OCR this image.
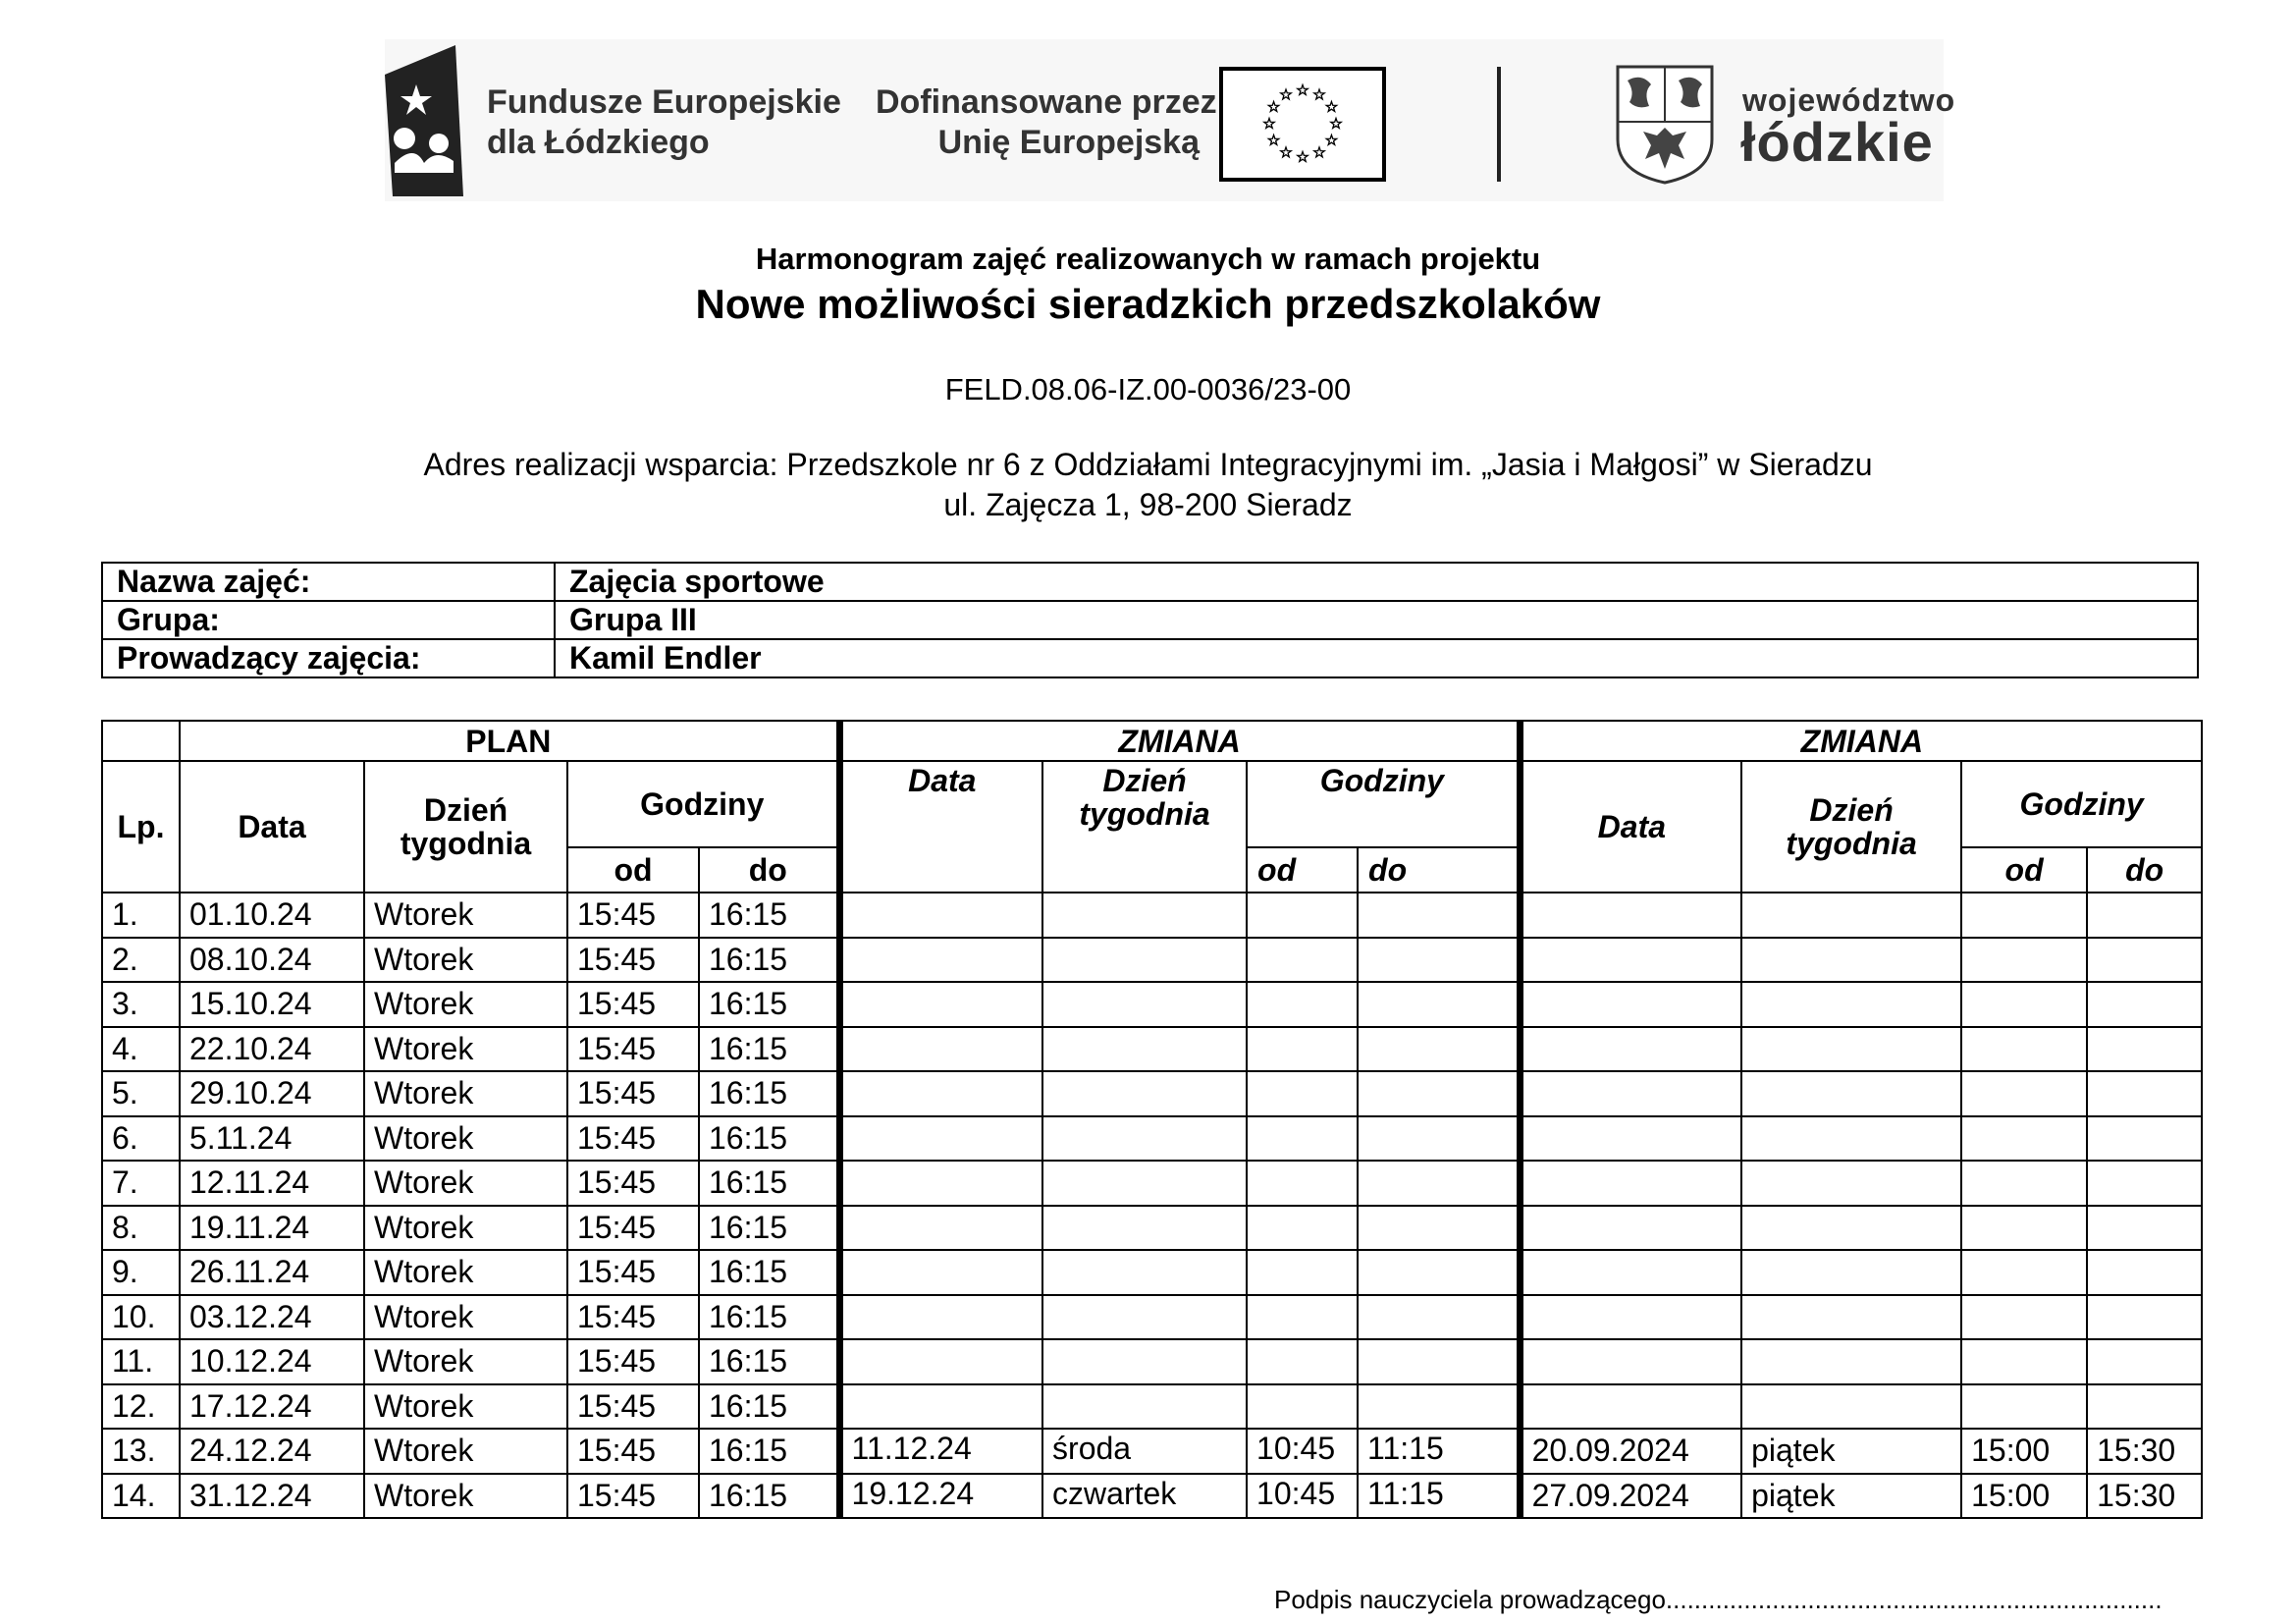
Fundusze Europejskie
dla Łódzkiego
Dofinansowane przez
Unię Europejską
województwo
łódzkie
Harmonogram zajęć realizowanych w ramach projektu
Nowe możliwości sieradzkich przedszkolaków
FELD.08.06-IZ.00-0036/23-00
Adres realizacji wsparcia: Przedszkole nr 6 z Oddziałami Integracyjnymi im. „Jasia i Małgosi” w Sieradzu
ul. Zajęcza 1, 98-200 Sieradz
Nazwa zajęć:	Zajęcia sportowe
Grupa:	Grupa III
Prowadzący zajęcia:	Kamil Endler
	PLAN				ZMIANA				ZMIANA			
Lp.	Data	Dzień tygodnia	Godziny		Data	Dzień tygodnia	Godziny		Data	Dzień tygodnia	Godziny	
			od	do			od	do			od	do
1.	01.10.24	Wtorek	15:45	16:15								
2.	08.10.24	Wtorek	15:45	16:15								
3.	15.10.24	Wtorek	15:45	16:15								
4.	22.10.24	Wtorek	15:45	16:15								
5.	29.10.24	Wtorek	15:45	16:15								
6.	5.11.24	Wtorek	15:45	16:15								
7.	12.11.24	Wtorek	15:45	16:15								
8.	19.11.24	Wtorek	15:45	16:15								
9.	26.11.24	Wtorek	15:45	16:15								
10.	03.12.24	Wtorek	15:45	16:15								
11.	10.12.24	Wtorek	15:45	16:15								
12.	17.12.24	Wtorek	15:45	16:15								
13.	24.12.24	Wtorek	15:45	16:15	11.12.24	środa	10:45	11:15	20.09.2024	piątek	15:00	15:30
14.	31.12.24	Wtorek	15:45	16:15	19.12.24	czwartek	10:45	11:15	27.09.2024	piątek	15:00	15:30
Podpis nauczyciela prowadzącego......................................................................
